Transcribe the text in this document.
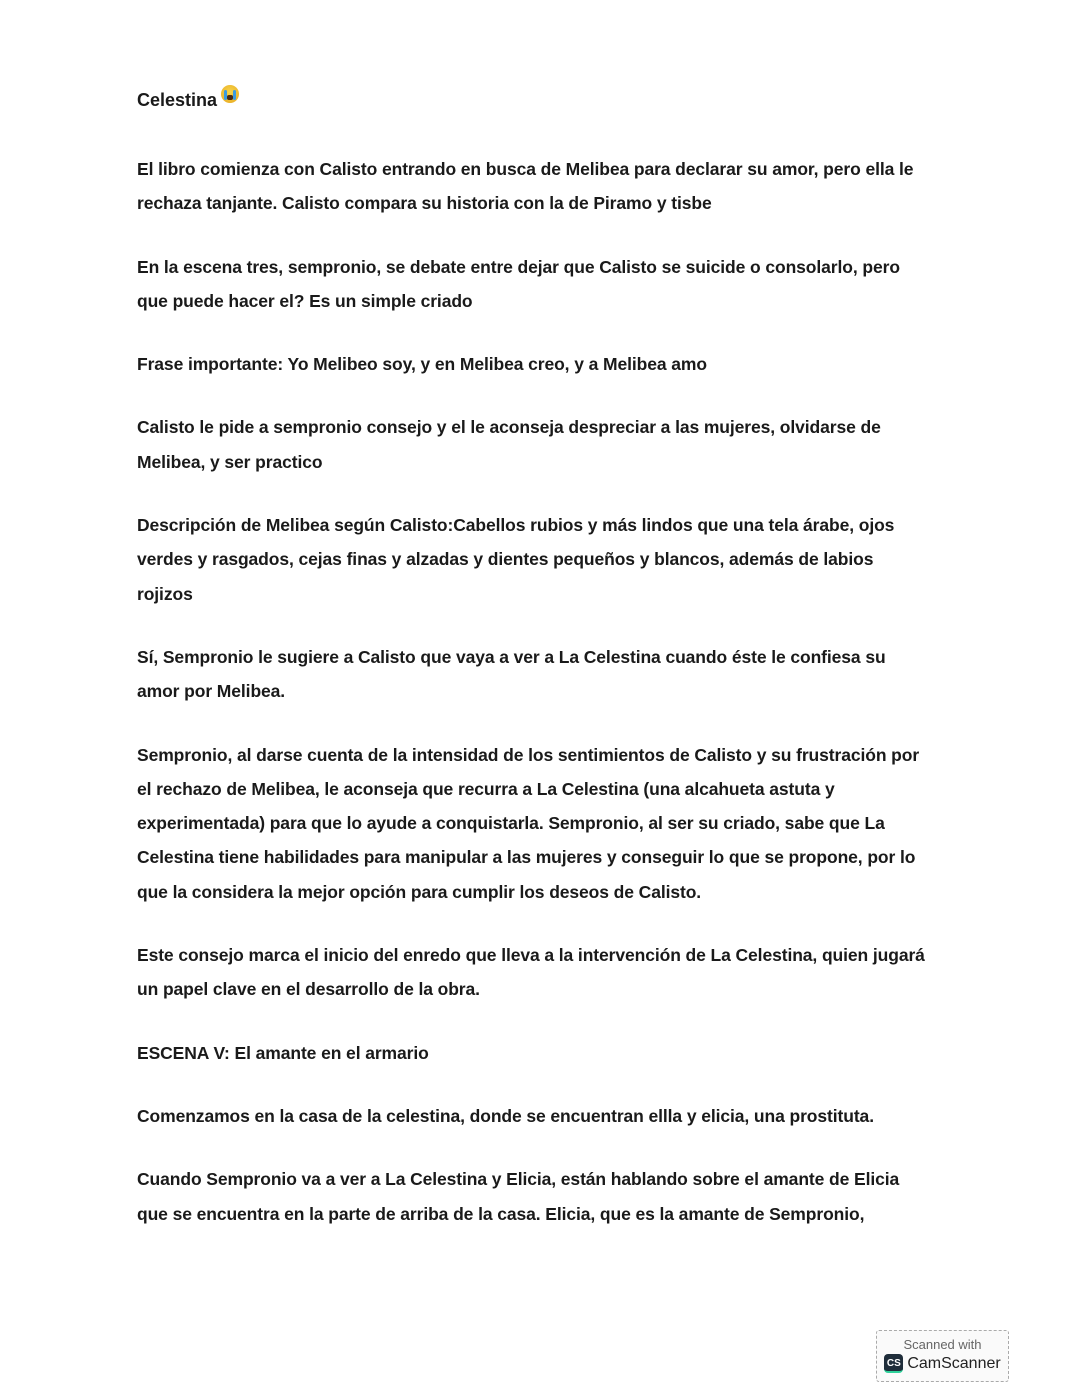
Celestina
El libro comienza con Calisto entrando en busca de Melibea para declarar su amor, pero ella le
rechaza tanjante. Calisto compara su historia con la de Piramo y tisbe
En la escena tres, sempronio, se debate entre dejar que Calisto se suicide o consolarlo, pero
que puede hacer el? Es un simple criado
Frase importante: Yo Melibeo soy, y en Melibea creo, y a Melibea amo
Calisto le pide a sempronio consejo y el le aconseja despreciar a las mujeres, olvidarse de
Melibea, y ser practico
Descripción de Melibea según Calisto:Cabellos rubios y más lindos que una tela árabe, ojos
verdes y rasgados, cejas finas y alzadas y dientes pequeños y blancos, además de labios
rojizos
Sí, Sempronio le sugiere a Calisto que vaya a ver a La Celestina cuando éste le confiesa su
amor por Melibea.
Sempronio, al darse cuenta de la intensidad de los sentimientos de Calisto y su frustración por
el rechazo de Melibea, le aconseja que recurra a La Celestina (una alcahueta astuta y
experimentada) para que lo ayude a conquistarla. Sempronio, al ser su criado, sabe que La
Celestina tiene habilidades para manipular a las mujeres y conseguir lo que se propone, por lo
que la considera la mejor opción para cumplir los deseos de Calisto.
Este consejo marca el inicio del enredo que lleva a la intervención de La Celestina, quien jugará
un papel clave en el desarrollo de la obra.
ESCENA V: El amante en el armario
Comenzamos en la casa de la celestina, donde se encuentran ellla y elicia, una prostituta.
Cuando Sempronio va a ver a La Celestina y Elicia, están hablando sobre el amante de Elicia
que se encuentra en la parte de arriba de la casa. Elicia, que es la amante de Sempronio,
Scanned with
CS CamScanner
